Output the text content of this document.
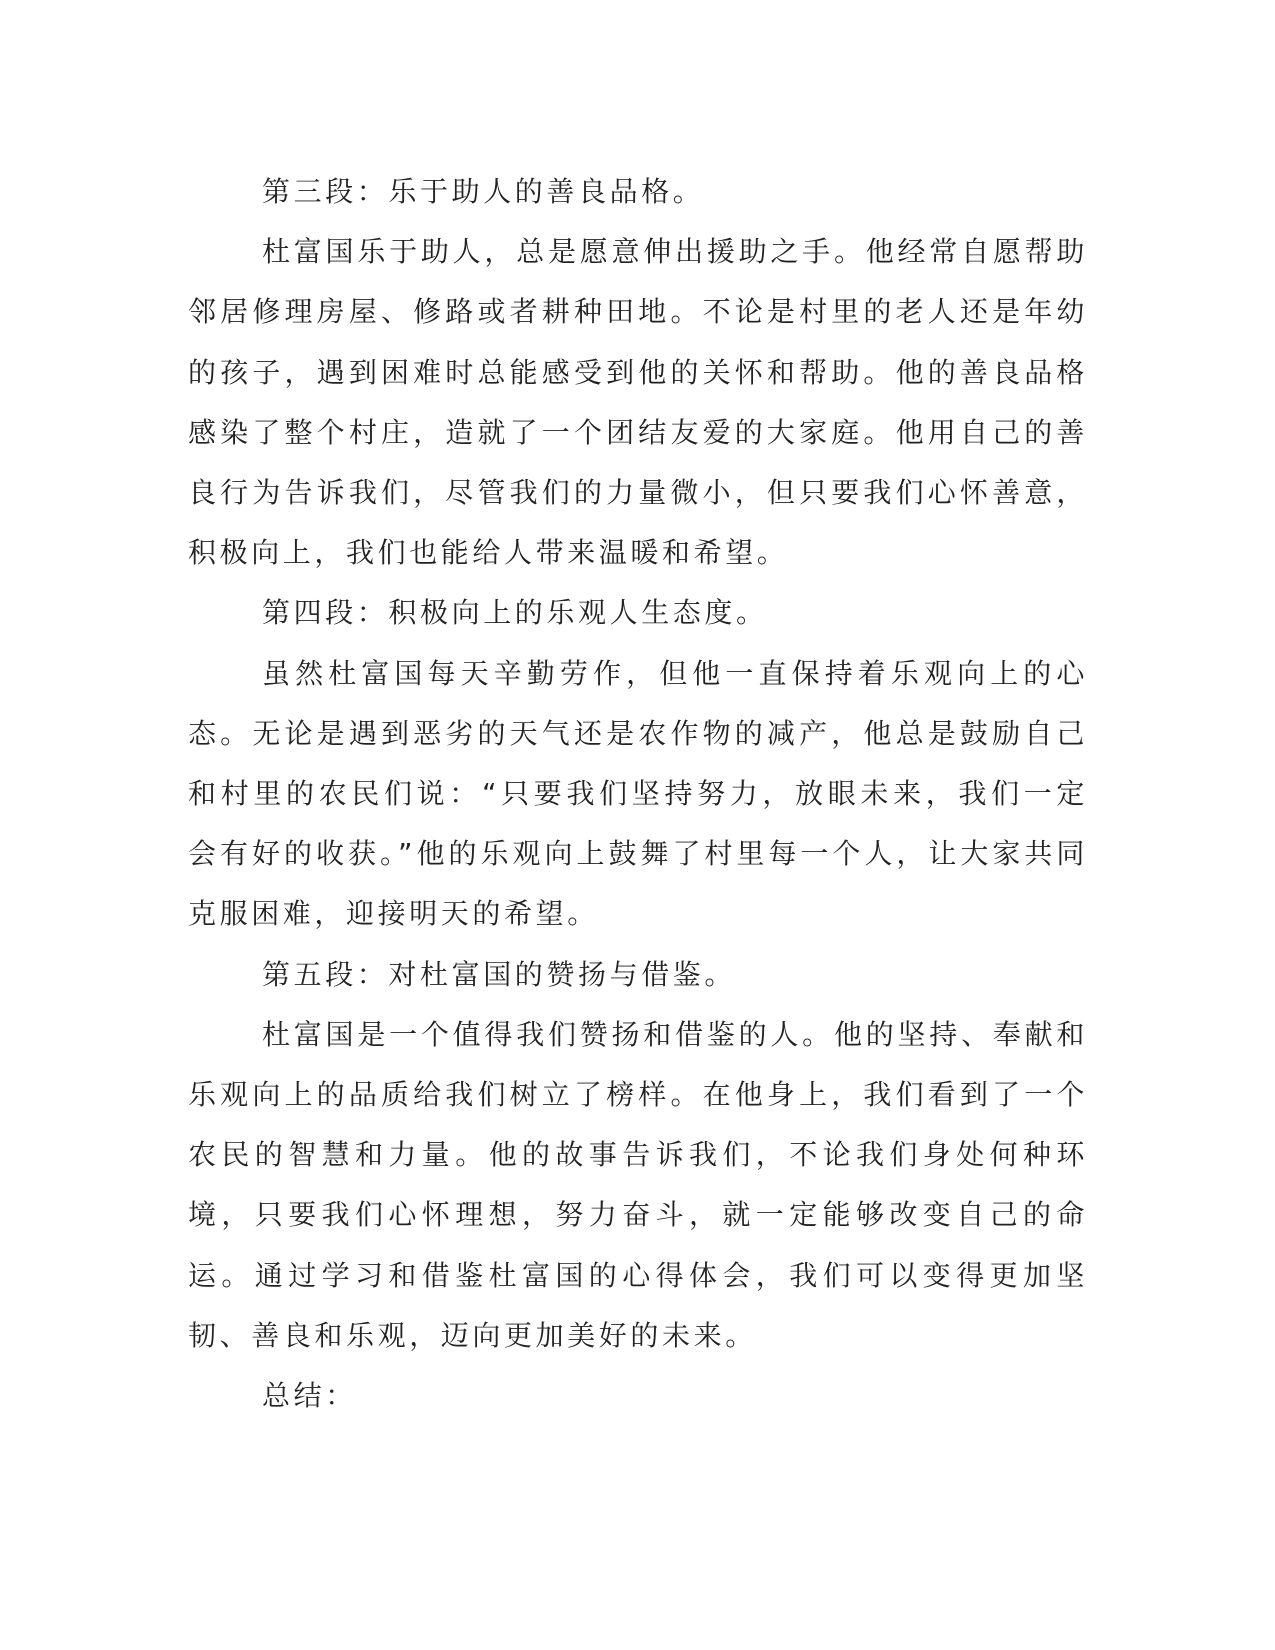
第三段：乐于助人的善良品格。

杜富国乐于助人，总是愿意伸出援助之手。他经常自愿帮助邻居修理房屋、修路或者耕种田地。不论是村里的老人还是年幼的孩子，遇到困难时总能感受到他的关怀和帮助。他的善良品格感染了整个村庄，造就了一个团结友爱的大家庭。他用自己的善良行为告诉我们，尽管我们的力量微小，但只要我们心怀善意，积极向上，我们也能给人带来温暖和希望。

第四段：积极向上的乐观人生态度。

虽然杜富国每天辛勤劳作，但他一直保持着乐观向上的心态。无论是遇到恶劣的天气还是农作物的减产，他总是鼓励自己和村里的农民们说：“只要我们坚持努力，放眼未来，我们一定会有好的收获。”他的乐观向上鼓舞了村里每一个人，让大家共同克服困难，迎接明天的希望。

第五段：对杜富国的赞扬与借鉴。

杜富国是一个值得我们赞扬和借鉴的人。他的坚持、奉献和乐观向上的品质给我们树立了榜样。在他身上，我们看到了一个农民的智慧和力量。他的故事告诉我们，不论我们身处何种环境，只要我们心怀理想，努力奋斗，就一定能够改变自己的命运。通过学习和借鉴杜富国的心得体会，我们可以变得更加坚韧、善良和乐观，迈向更加美好的未来。

总结：
